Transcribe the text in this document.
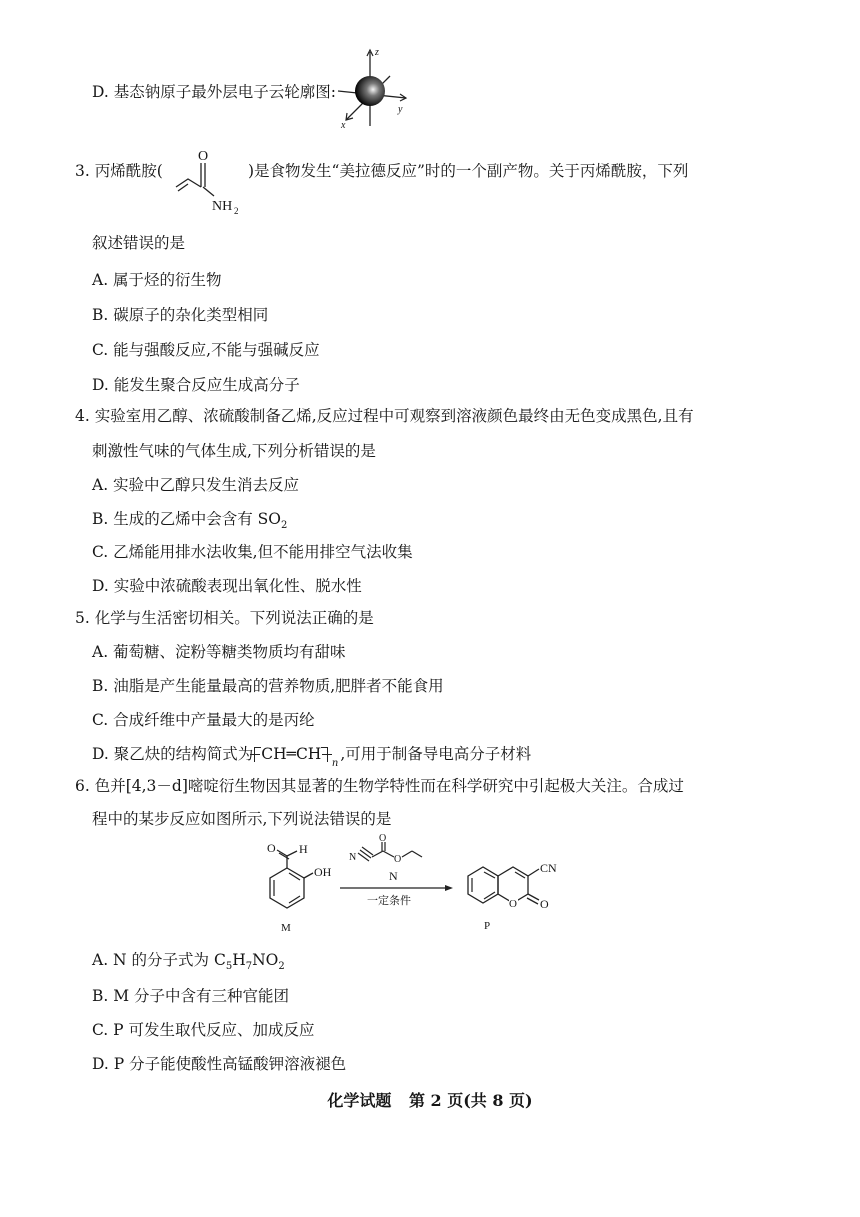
D. 基态钠原子最外层电子云轮廓图:
z
y
x
3. 丙烯酰胺(
O
NH 2
)是食物发生“美拉德反应”时的一个副产物。关于丙烯酰胺，下列
叙述错误的是
A. 属于烃的衍生物
B. 碳原子的杂化类型相同
C. 能与强酸反应,不能与强碱反应
D. 能发生聚合反应生成高分子
4. 实验室用乙醇、浓硫酸制备乙烯,反应过程中可观察到溶液颜色最终由无色变成黑色,且有
刺激性气味的气体生成,下列分析错误的是
A. 实验中乙醇只发生消去反应
B. 生成的乙烯中会含有 $SO_2$
C. 乙烯能用排水法收集,但不能用排空气法收集
D. 实验中浓硫酸表现出氧化性、脱水性
5. 化学与生活密切相关。下列说法正确的是
A. 葡萄糖、淀粉等糖类物质均有甜味
B. 油脂是产生能量最高的营养物质,肥胖者不能食用
C. 合成纤维中产量最大的是丙纶
D. 聚乙炔的结构简式为 CH═CH
n
,可用于制备导电高分子材料
6. 色并[4,3－d]嘧啶衍生物因其显著的生物学特性而在科学研究中引起极大关注。合成过
程中的某步反应如图所示,下列说法错误的是
O H
OH
M
N
O
O
N
一定条件	O
CN
O
P
A. N 的分子式为 $C_5H_7NO_2$
B. M 分子中含有三种官能团
C. P 可发生取代反应、加成反应
D. P 分子能使酸性高锰酸钾溶液褪色
化学试题 第 2 页(共 8 页)
